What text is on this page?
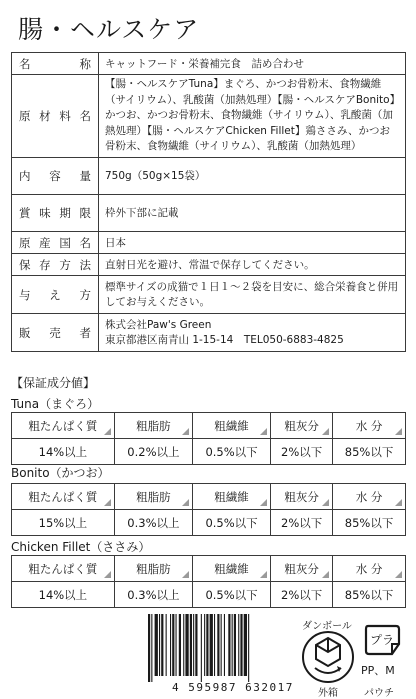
腸・ヘルスケア
名　称	キャットフード・栄養補完食　詰め合わせ
原材料名	【腸・ヘルスケアTuna】まぐろ、かつお骨粉末、食物繊維（サイリウム）、乳酸菌（加熱処理）【腸・ヘルスケアBonito】かつお、かつお骨粉末、食物繊維（サイリウム）、乳酸菌（加熱処理）【腸・ヘルスケアChicken Fillet】鶏ささみ、かつお骨粉末、食物繊維（サイリウム）、乳酸菌（加熱処理）
内容量	750g（50g×15袋）
賞味期限	枠外下部に記載
原産国名	日本
保存方法	直射日光を避け、常温で保存してください。
与え方	標準サイズの成猫で１日１～２袋を目安に、総合栄養食と併用してお与えください。
販売者	株式会社Paw's Green
東京都港区南青山 1-15-14　TEL050-6883-4825
【保証成分値】
Tuna（まぐろ）
粗たんぱく質	粗脂肪	粗繊維	粗灰分	水 分
14%以上	0.2%以上	0.5%以下	2%以下	85%以下
Bonito（かつお）
粗たんぱく質	粗脂肪	粗繊維	粗灰分	水 分
15%以上	0.3%以上	0.5%以下	2%以下	85%以下
Chicken Fillet（ささみ）
粗たんぱく質	粗脂肪	粗繊維	粗灰分	水 分
14%以上	0.3%以上	0.5%以下	2%以下	85%以下
4 595987 632017
ダンボール
外箱
プラ
PP、M
パウチ
